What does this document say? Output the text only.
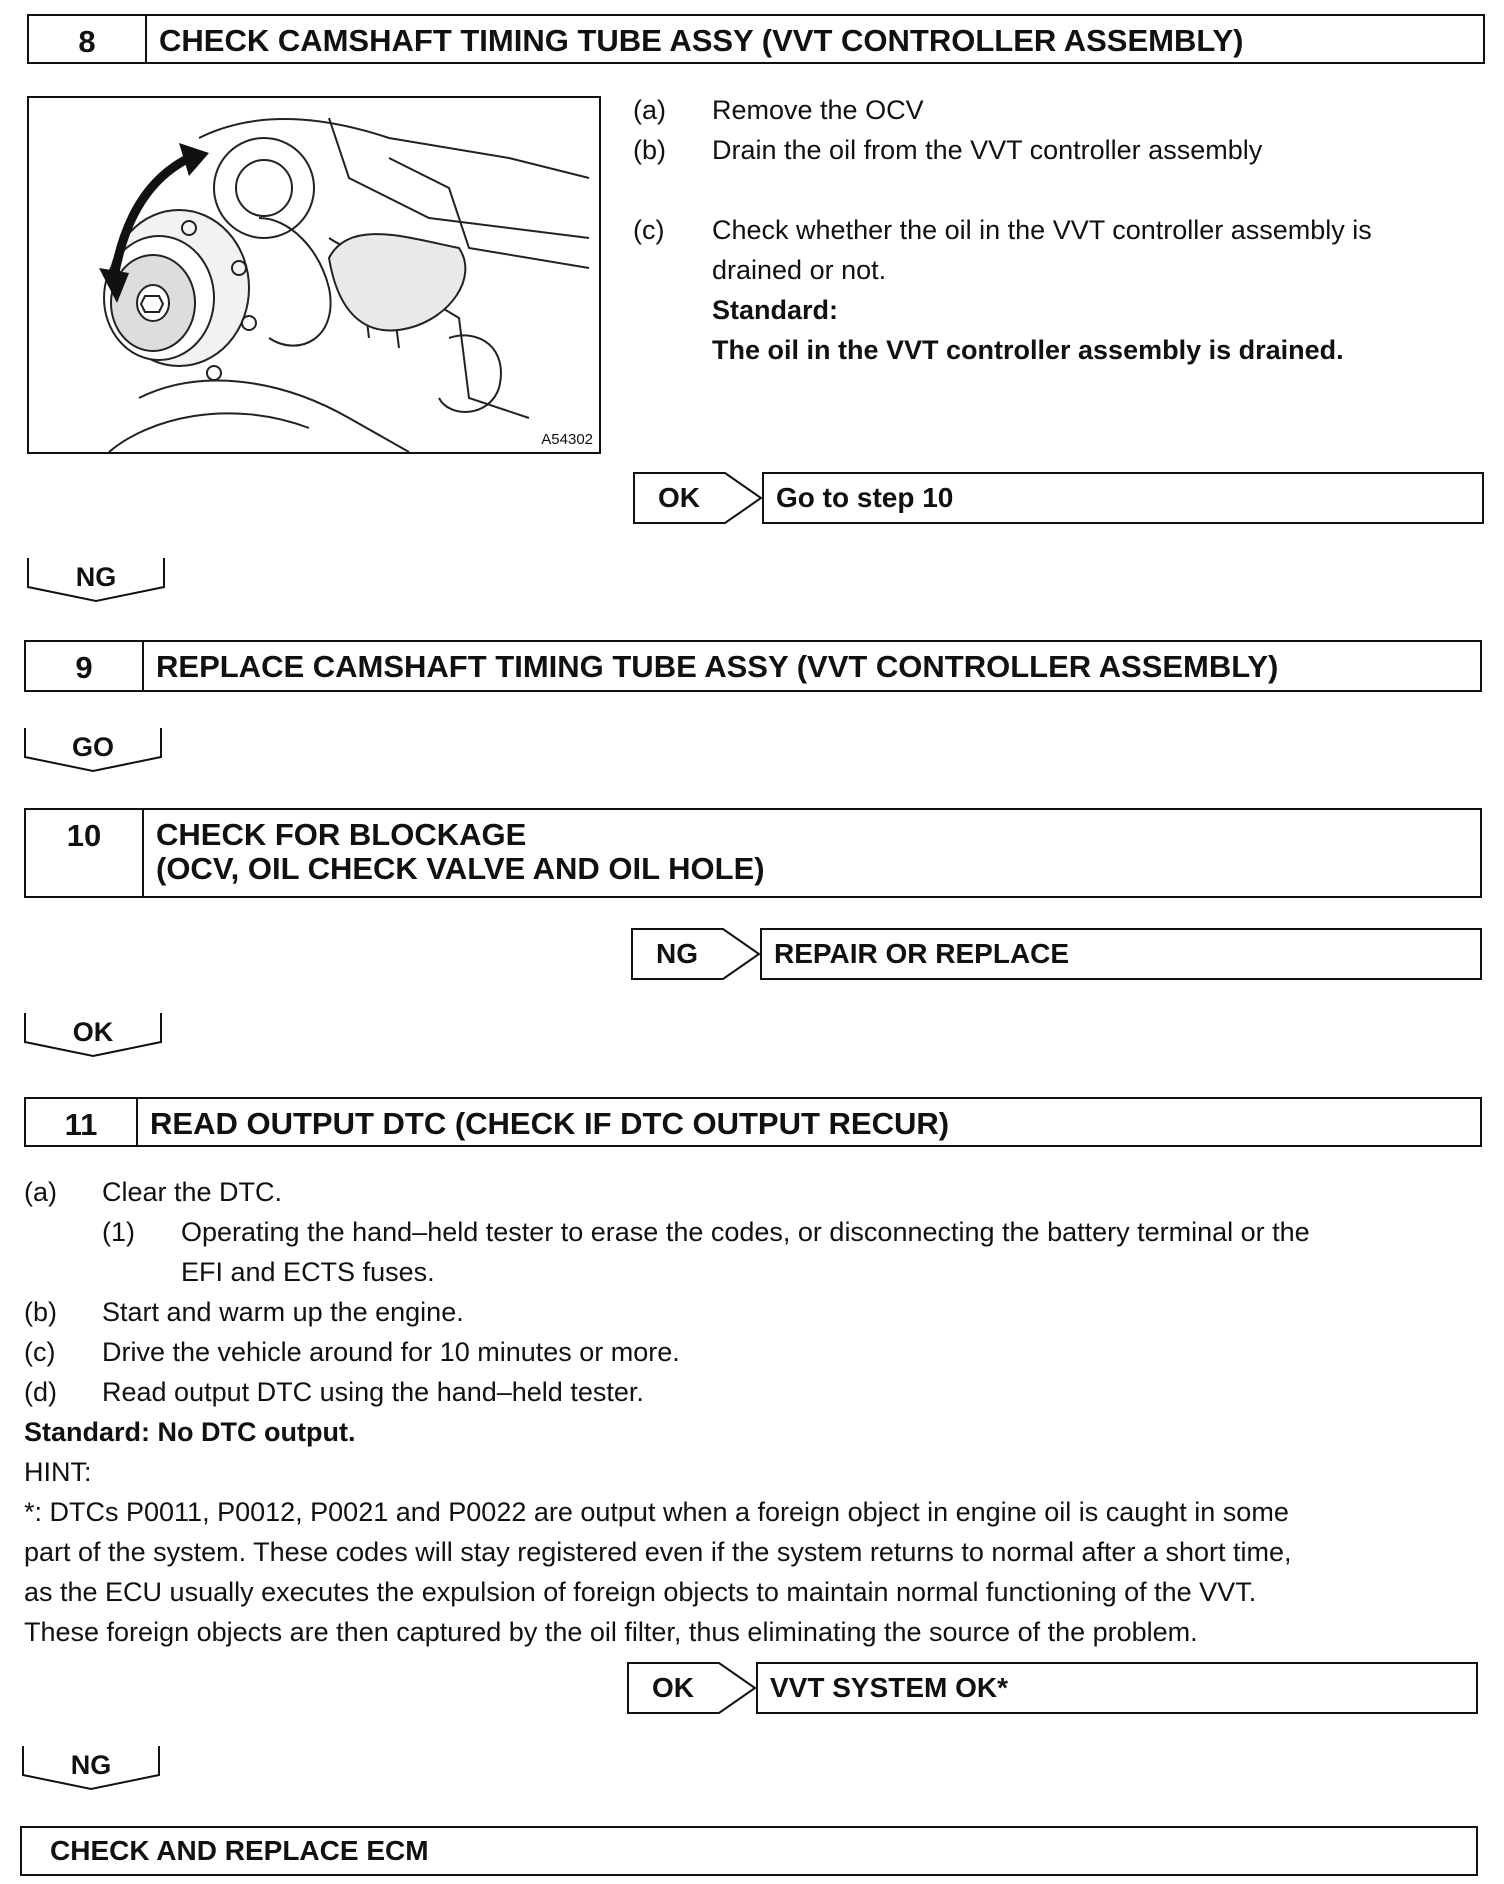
8	CHECK CAMSHAFT TIMING TUBE ASSY (VVT CONTROLLER ASSEMBLY)
A54302
(a) Remove the OCV
(b) Drain the oil from the VVT controller assembly
(c) Check whether the oil in the VVT controller assembly is
drained or not.
Standard:
The oil in the VVT controller assembly is drained.
OK	Go to step 10
NG
9	REPLACE CAMSHAFT TIMING TUBE ASSY (VVT CONTROLLER ASSEMBLY)
GO
10	CHECK FOR BLOCKAGE
(OCV, OIL CHECK VALVE AND OIL HOLE)
NG	REPAIR OR REPLACE
OK
11	READ OUTPUT DTC (CHECK IF DTC OUTPUT RECUR)
(a) Clear the DTC.
(1) Operating the hand–held tester to erase the codes, or disconnecting the battery terminal or the
EFI and ECTS fuses.
(b) Start and warm up the engine.
(c) Drive the vehicle around for 10 minutes or more.
(d) Read output DTC using the hand–held tester.
Standard: No DTC output.
HINT:
*: DTCs P0011, P0012, P0021 and P0022 are output when a foreign object in engine oil is caught in some
part of the system. These codes will stay registered even if the system returns to normal after a short time,
as the ECU usually executes the expulsion of foreign objects to maintain normal functioning of the VVT.
These foreign objects are then captured by the oil filter, thus eliminating the source of the problem.
OK	VVT SYSTEM OK*
NG
CHECK AND REPLACE ECM
